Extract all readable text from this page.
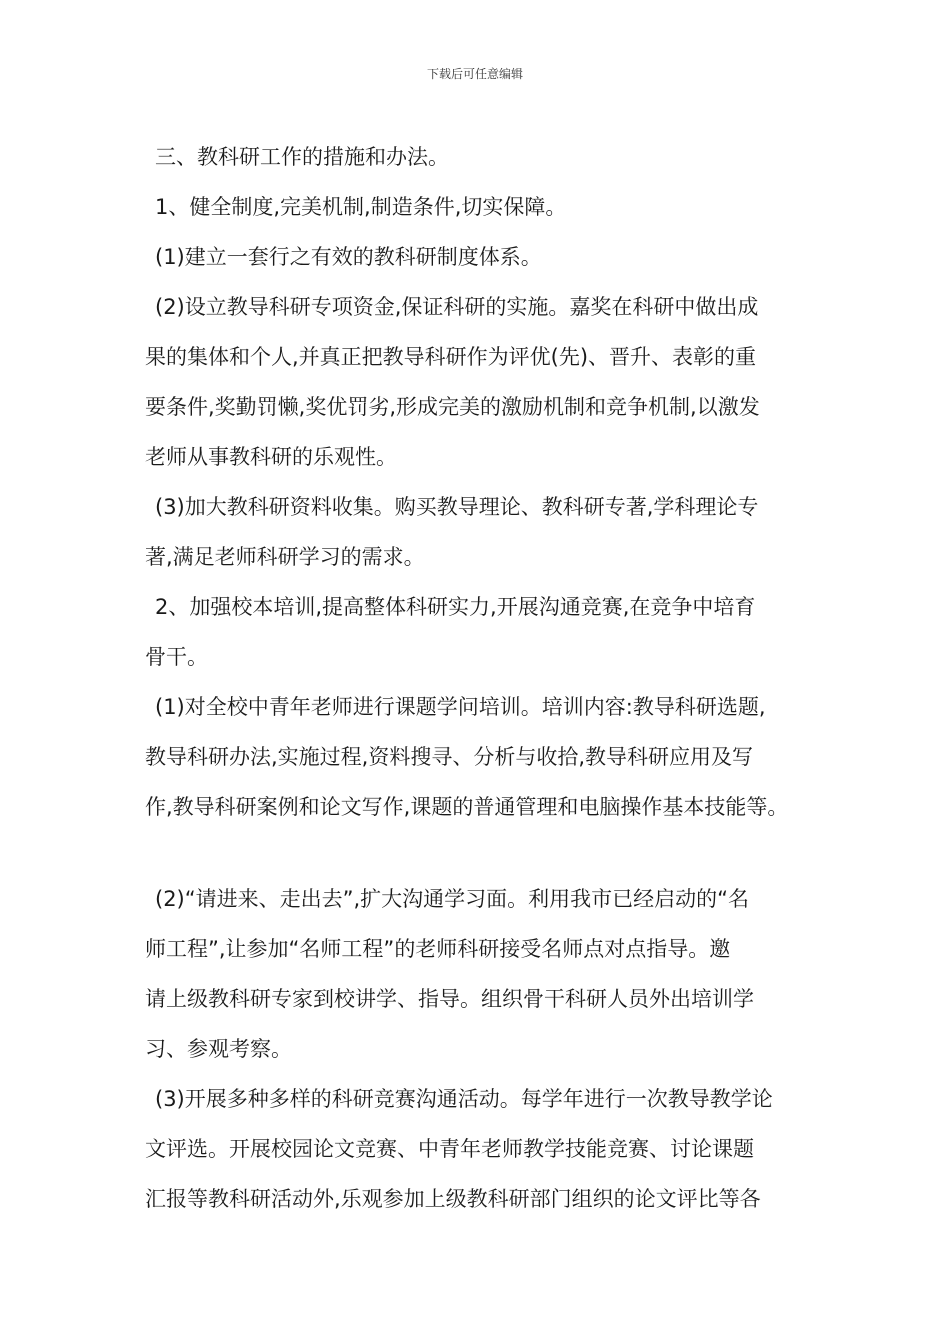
下载后可任意编辑
三、教科研工作的措施和办法。
1、健全制度,完美机制,制造条件,切实保障。
(1)建立一套行之有效的教科研制度体系。
(2)设立教导科研专项资金,保证科研的实施。嘉奖在科研中做出成
果的集体和个人,并真正把教导科研作为评优(先)、晋升、表彰的重
要条件,奖勤罚懒,奖优罚劣,形成完美的激励机制和竞争机制,以激发
老师从事教科研的乐观性。
(3)加大教科研资料收集。购买教导理论、教科研专著,学科理论专
著,满足老师科研学习的需求。
2、加强校本培训,提高整体科研实力,开展沟通竞赛,在竞争中培育
骨干。
(1)对全校中青年老师进行课题学问培训。培训内容:教导科研选题,
教导科研办法,实施过程,资料搜寻、分析与收拾,教导科研应用及写
作,教导科研案例和论文写作,课题的普通管理和电脑操作基本技能等。
(2)“请进来、走出去”,扩大沟通学习面。利用我市已经启动的“名
师工程”,让参加“名师工程”的老师科研接受名师点对点指导。邀
请上级教科研专家到校讲学、指导。组织骨干科研人员外出培训学
习、参观考察。
(3)开展多种多样的科研竞赛沟通活动。每学年进行一次教导教学论
文评选。开展校园论文竞赛、中青年老师教学技能竞赛、讨论课题
汇报等教科研活动外,乐观参加上级教科研部门组织的论文评比等各
